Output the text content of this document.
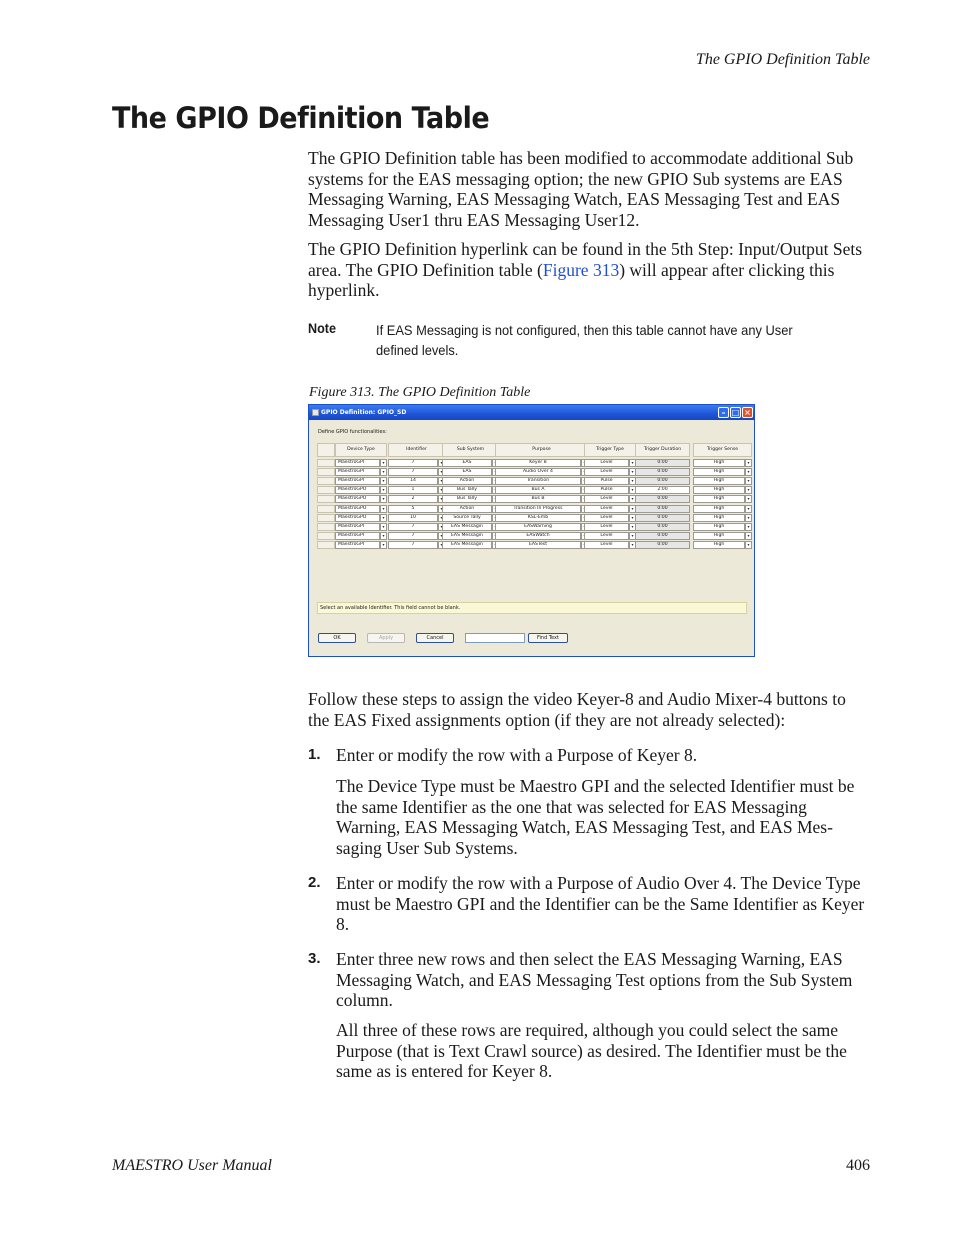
The GPIO Definition Table
The GPIO Definition Table
The GPIO Definition table has been modified to accommodate additional Sub systems for the EAS messaging option; the new GPIO Sub systems are EAS Messaging Warning, EAS Messaging Watch, EAS Messaging Test and EAS Messaging User1 thru EAS Messaging User12.
The GPIO Definition hyperlink can be found in the 5th Step: Input/Output Sets area. The GPIO Definition table (Figure 313) will appear after clicking this hyperlink.
Note	If EAS Messaging is not configured, then this table cannot have any User defined levels.
Figure 313. The GPIO Definition Table
GPIO Definition: GPIO_SD	– □ ×
Define GPIO functionalities:
Device Type	Identifier	Sub System	Purpose	Trigger Type	Trigger Duration	Trigger Sense
MaestroGPI	▾	7	EAS	Keyer 8	Level	▾	0:00	High	▾
MaestroGPI	▾	7	EAS	Audio Over 4	Level	▾	0:00	High	▾
MaestroGPI	▾	14	Action	Transition	Pulse	▾	0:00	High	▾
MaestroGPO	▾	1	Bus Tally	Bus A	Pulse	▾	2:00	High	▾
MaestroGPO	▾	2	Bus Tally	Bus B	Level	▾	0:00	High	▾
MaestroGPO	▾	5	Action	Transition In Progress	Level	▾	0:00	High	▾
MaestroGPO	▾	10	Source Tally	KSL-Emb	Level	▾	0:00	High	▾
MaestroGPI	▾	7	EAS Messagin	EASWarning	Level	▾	0:00	High	▾
MaestroGPI	▾	7	EAS Messagin	EASWatch	Level	▾	0:00	High	▾
MaestroGPI	▾	7	EAS Messagin	EASTest	Level	▾	0:00	High	▾
Select an available Identifier. This field cannot be blank.
OK	Apply	Cancel	Find Text
Follow these steps to assign the video Keyer-8 and Audio Mixer-4 buttons to the EAS Fixed assignments option (if they are not already selected):
1. Enter or modify the row with a Purpose of Keyer 8.
The Device Type must be Maestro GPI and the selected Identifier must be the same Identifier as the one that was selected for EAS Messaging Warning, EAS Messaging Watch, EAS Messaging Test, and EAS Mes-saging User Sub Systems.
2. Enter or modify the row with a Purpose of Audio Over 4. The Device Type must be Maestro GPI and the Identifier can be the Same Identifier as Keyer 8.
3. Enter three new rows and then select the EAS Messaging Warning, EAS Messaging Watch, and EAS Messaging Test options from the Sub System column.
All three of these rows are required, although you could select the same Purpose (that is Text Crawl source) as desired. The Identifier must be the same as is entered for Keyer 8.
MAESTRO User Manual	406
